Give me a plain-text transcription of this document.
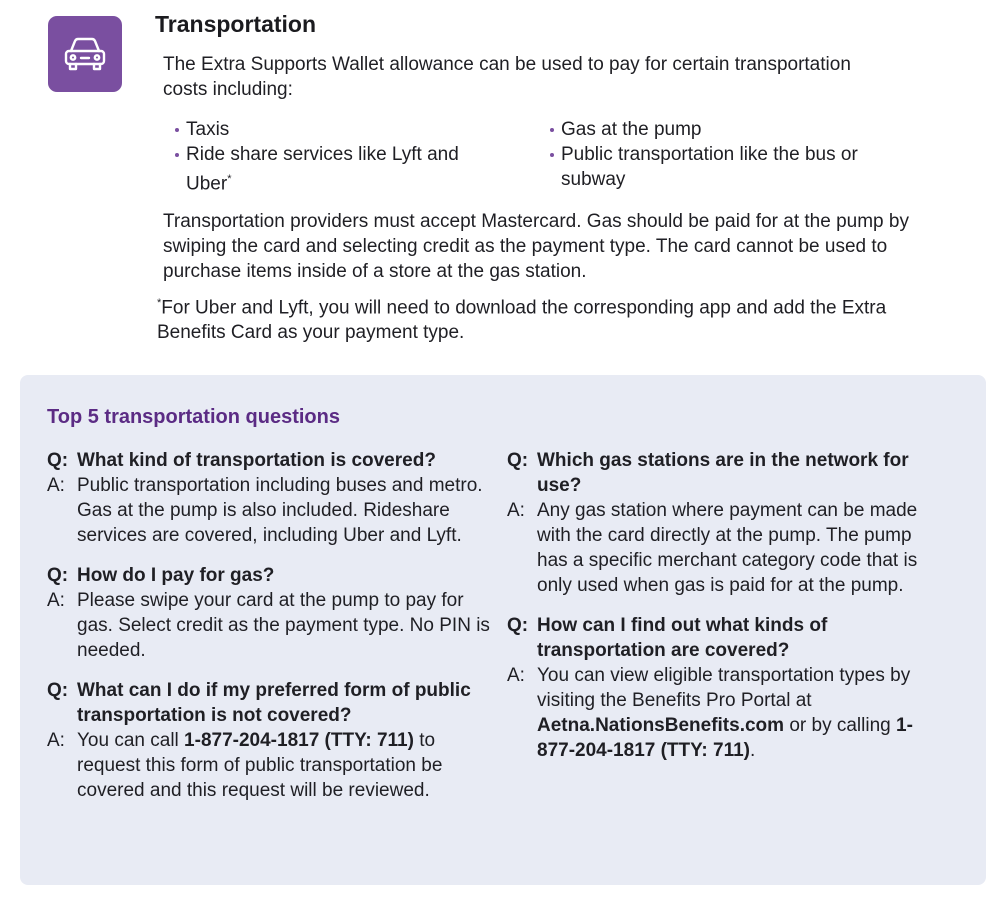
Transportation

The Extra Supports Wallet allowance can be used to pay for certain transportation costs including:

Taxis
Ride share services like Lyft and Uber*
Gas at the pump
Public transportation like the bus or subway

Transportation providers must accept Mastercard. Gas should be paid for at the pump by swiping the card and selecting credit as the payment type. The card cannot be used to purchase items inside of a store at the gas station.

*For Uber and Lyft, you will need to download the corresponding app and add the Extra Benefits Card as your payment type.

Top 5 transportation questions
Q: What kind of transportation is covered?
A: Public transportation including buses and metro. Gas at the pump is also included. Rideshare services are covered, including Uber and Lyft.
Q: How do I pay for gas?
A: Please swipe your card at the pump to pay for gas. Select credit as the payment type. No PIN is needed.
Q: What can I do if my preferred form of public transportation is not covered?
A: You can call 1-877-204-1817 (TTY: 711) to request this form of public transportation be covered and this request will be reviewed.
Q: Which gas stations are in the network for use?
A: Any gas station where payment can be made with the card directly at the pump. The pump has a specific merchant category code that is only used when gas is paid for at the pump.
Q: How can I find out what kinds of transportation are covered?
A: You can view eligible transportation types by visiting the Benefits Pro Portal at Aetna.NationsBenefits.com or by calling 1-877-204-1817 (TTY: 711).
